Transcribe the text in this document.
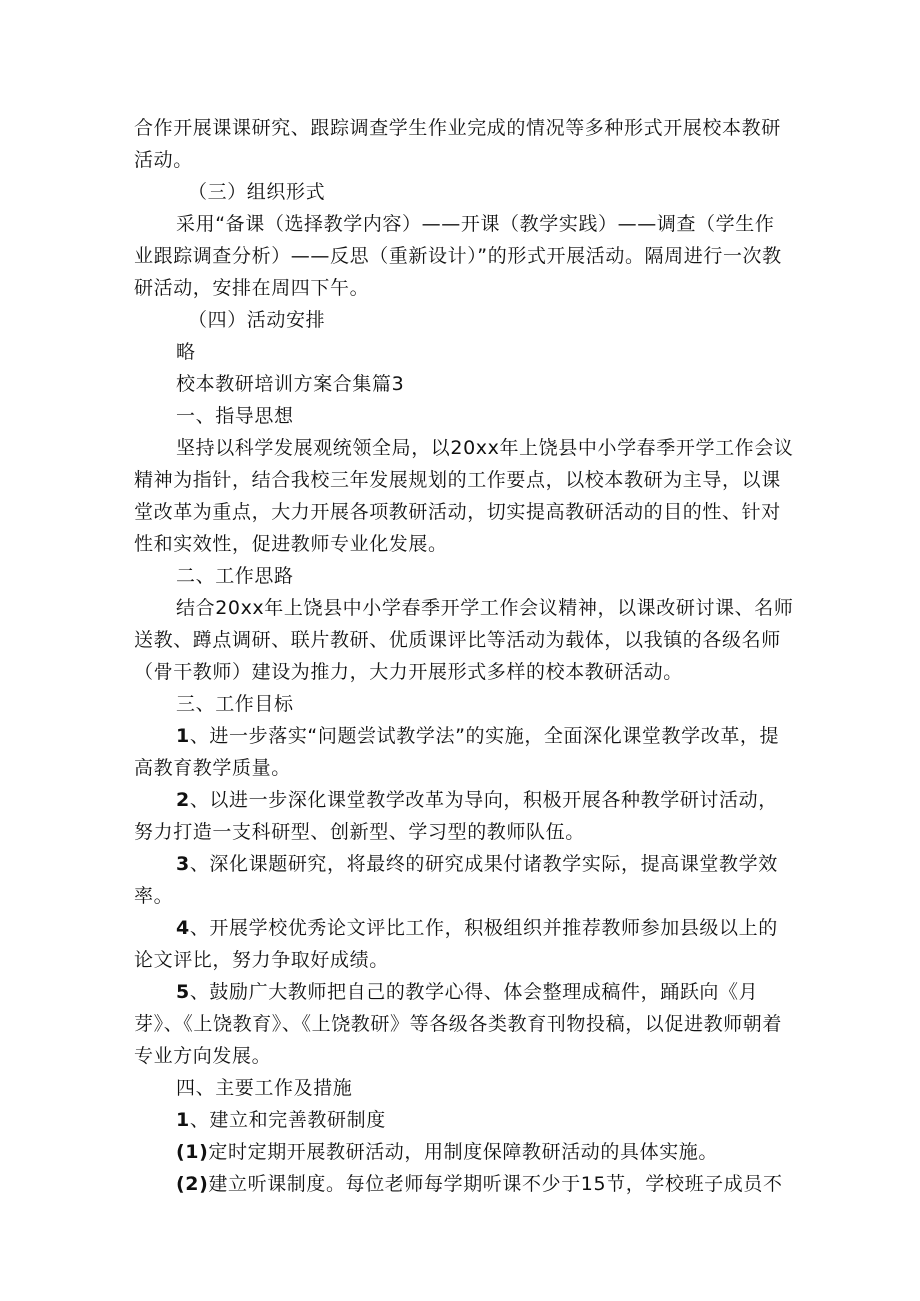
合作开展课课研究、跟踪调查学生作业完成的情况等多种形式开展校本教研活动。

（三）组织形式

采用“备课（选择教学内容）——开课（教学实践）——调查（学生作业跟踪调查分析）——反思（重新设计）”的形式开展活动。隔周进行一次教研活动，安排在周四下午。

（四）活动安排

略

校本教研培训方案合集篇3

一、指导思想

坚持以科学发展观统领全局，以20xx年上饶县中小学春季开学工作会议精神为指针，结合我校三年发展规划的工作要点，以校本教研为主导，以课堂改革为重点，大力开展各项教研活动，切实提高教研活动的目的性、针对性和实效性，促进教师专业化发展。

二、工作思路

结合20xx年上饶县中小学春季开学工作会议精神，以课改研讨课、名师送教、蹲点调研、联片教研、优质课评比等活动为载体，以我镇的各级名师（骨干教师）建设为推力，大力开展形式多样的校本教研活动。

三、工作目标

1、进一步落实“问题尝试教学法”的实施，全面深化课堂教学改革，提高教育教学质量。

2、以进一步深化课堂教学改革为导向，积极开展各种教学研讨活动，努力打造一支科研型、创新型、学习型的教师队伍。

3、深化课题研究，将最终的研究成果付诸教学实际，提高课堂教学效率。

4、开展学校优秀论文评比工作，积极组织并推荐教师参加县级以上的论文评比，努力争取好成绩。

5、鼓励广大教师把自己的教学心得、体会整理成稿件，踊跃向《月芽》、《上饶教育》、《上饶教研》等各级各类教育刊物投稿，以促进教师朝着专业方向发展。

四、主要工作及措施

1、建立和完善教研制度

(1)定时定期开展教研活动，用制度保障教研活动的具体实施。

(2)建立听课制度。每位老师每学期听课不少于15节，学校班子成员不
